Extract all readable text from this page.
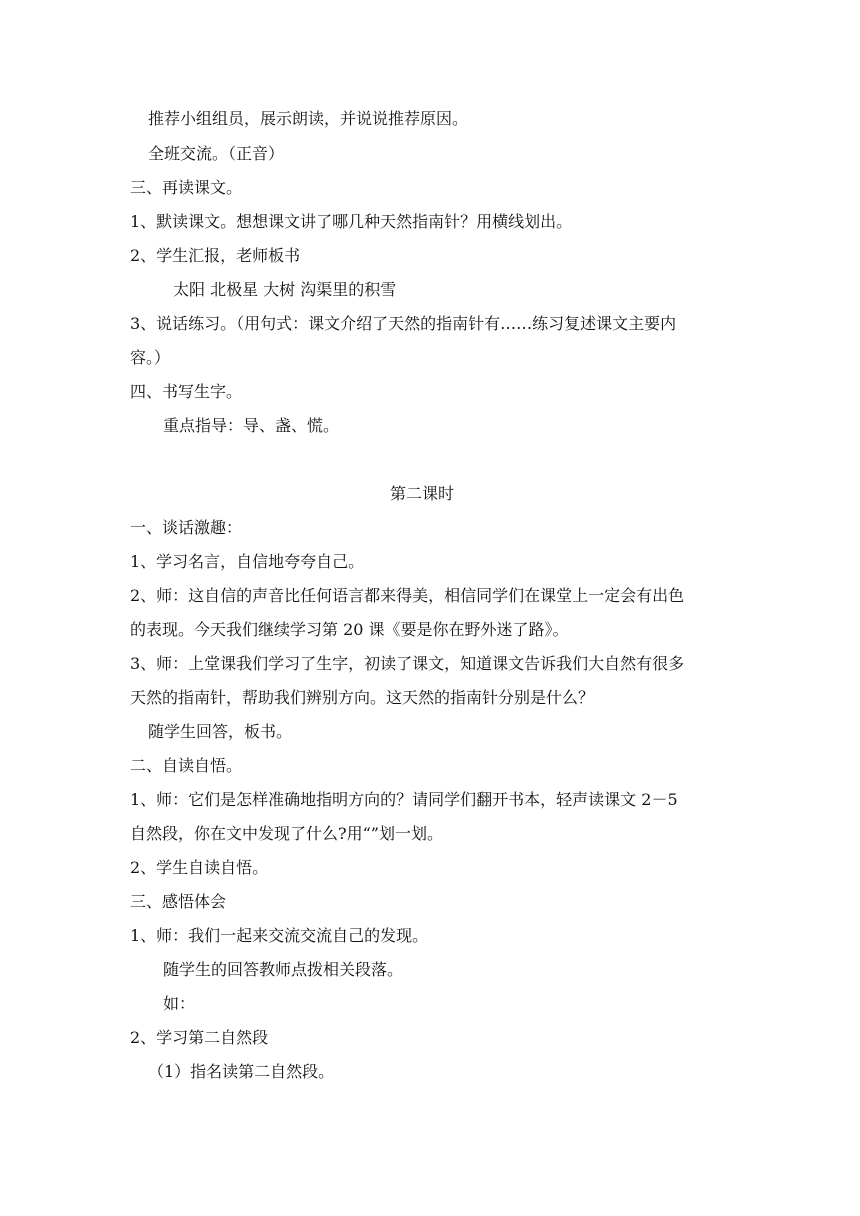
推荐小组组员，展示朗读，并说说推荐原因。
全班交流。（正音）
三、再读课文。
1、默读课文。想想课文讲了哪几种天然指南针？用横线划出。
2、学生汇报，老师板书
太阳 北极星 大树 沟渠里的积雪
3、说话练习。（用句式：课文介绍了天然的指南针有……练习复述课文主要内
容。）
四、书写生字。
重点指导：导、盏、慌。
第二课时
一、谈话激趣：
1、学习名言，自信地夸夸自己。
2、师：这自信的声音比任何语言都来得美，相信同学们在课堂上一定会有出色
的表现。今天我们继续学习第 20 课《要是你在野外迷了路》。
3、师：上堂课我们学习了生字，初读了课文，知道课文告诉我们大自然有很多
天然的指南针，帮助我们辨别方向。这天然的指南针分别是什么？
随学生回答，板书。
二、自读自悟。
1、师：它们是怎样准确地指明方向的？请同学们翻开书本，轻声读课文 2－5
自然段，你在文中发现了什么?用“”划一划。
2、学生自读自悟。
三、感悟体会
1、师：我们一起来交流交流自己的发现。
随学生的回答教师点拨相关段落。
如：
2、学习第二自然段
（1）指名读第二自然段。
